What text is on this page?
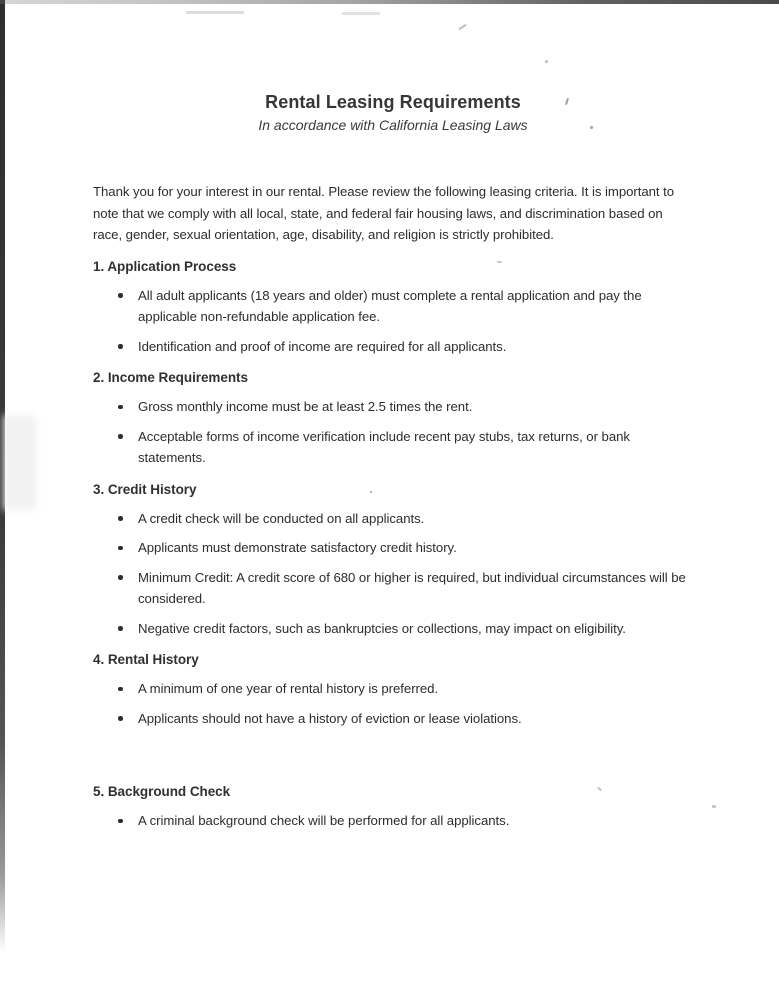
Rental Leasing Requirements
In accordance with California Leasing Laws

Thank you for your interest in our rental. Please review the following leasing criteria. It is important to note that we comply with all local, state, and federal fair housing laws, and discrimination based on race, gender, sexual orientation, age, disability, and religion is strictly prohibited.

1. Application Process
All adult applicants (18 years and older) must complete a rental application and pay the applicable non-refundable application fee.
Identification and proof of income are required for all applicants.
2. Income Requirements
Gross monthly income must be at least 2.5 times the rent.
Acceptable forms of income verification include recent pay stubs, tax returns, or bank statements.
3. Credit History
A credit check will be conducted on all applicants.
Applicants must demonstrate satisfactory credit history.
Minimum Credit: A credit score of 680 or higher is required, but individual circumstances will be considered.
Negative credit factors, such as bankruptcies or collections, may impact on eligibility.
4. Rental History
A minimum of one year of rental history is preferred.
Applicants should not have a history of eviction or lease violations.
5. Background Check
A criminal background check will be performed for all applicants.
